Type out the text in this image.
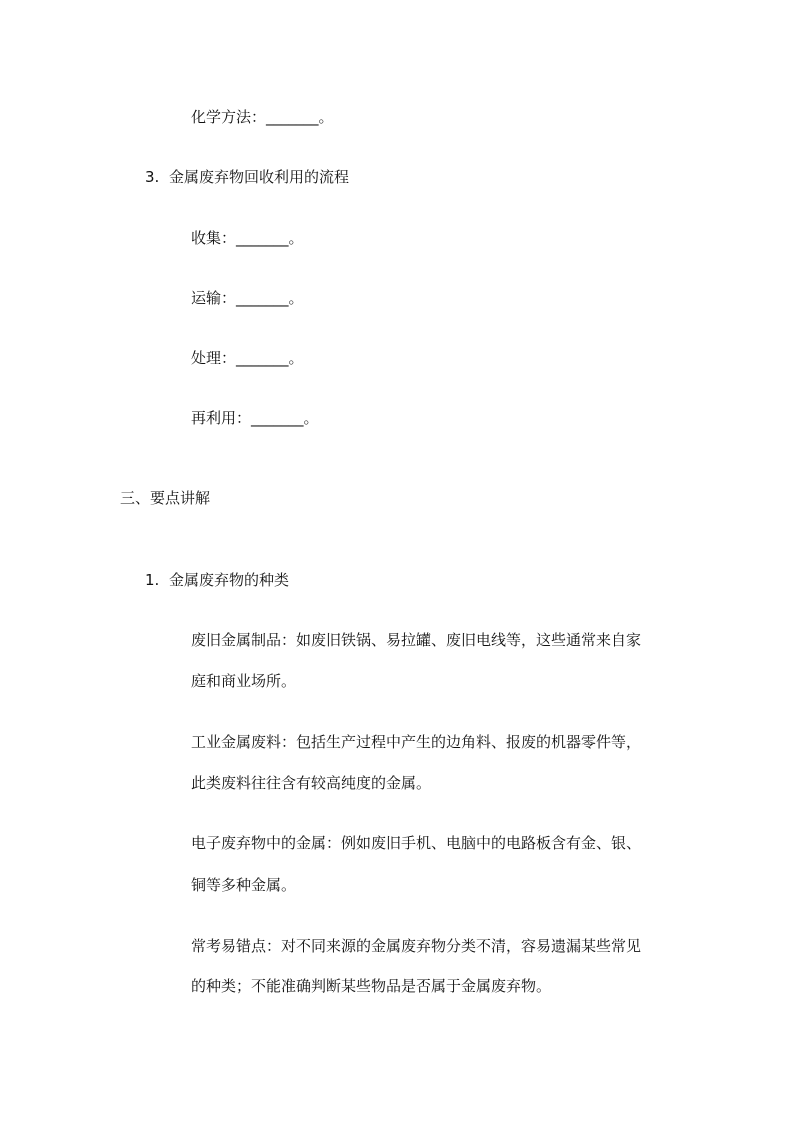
化学方法：_______。
3. 金属废弃物回收利用的流程
收集：_______。
运输：_______。
处理：_______。
再利用：_______。
三、要点讲解
1. 金属废弃物的种类
废旧金属制品：如废旧铁锅、易拉罐、废旧电线等，这些通常来自家
庭和商业场所。
工业金属废料：包括生产过程中产生的边角料、报废的机器零件等，
此类废料往往含有较高纯度的金属。
电子废弃物中的金属：例如废旧手机、电脑中的电路板含有金、银、
铜等多种金属。
常考易错点：对不同来源的金属废弃物分类不清，容易遗漏某些常见
的种类；不能准确判断某些物品是否属于金属废弃物。
